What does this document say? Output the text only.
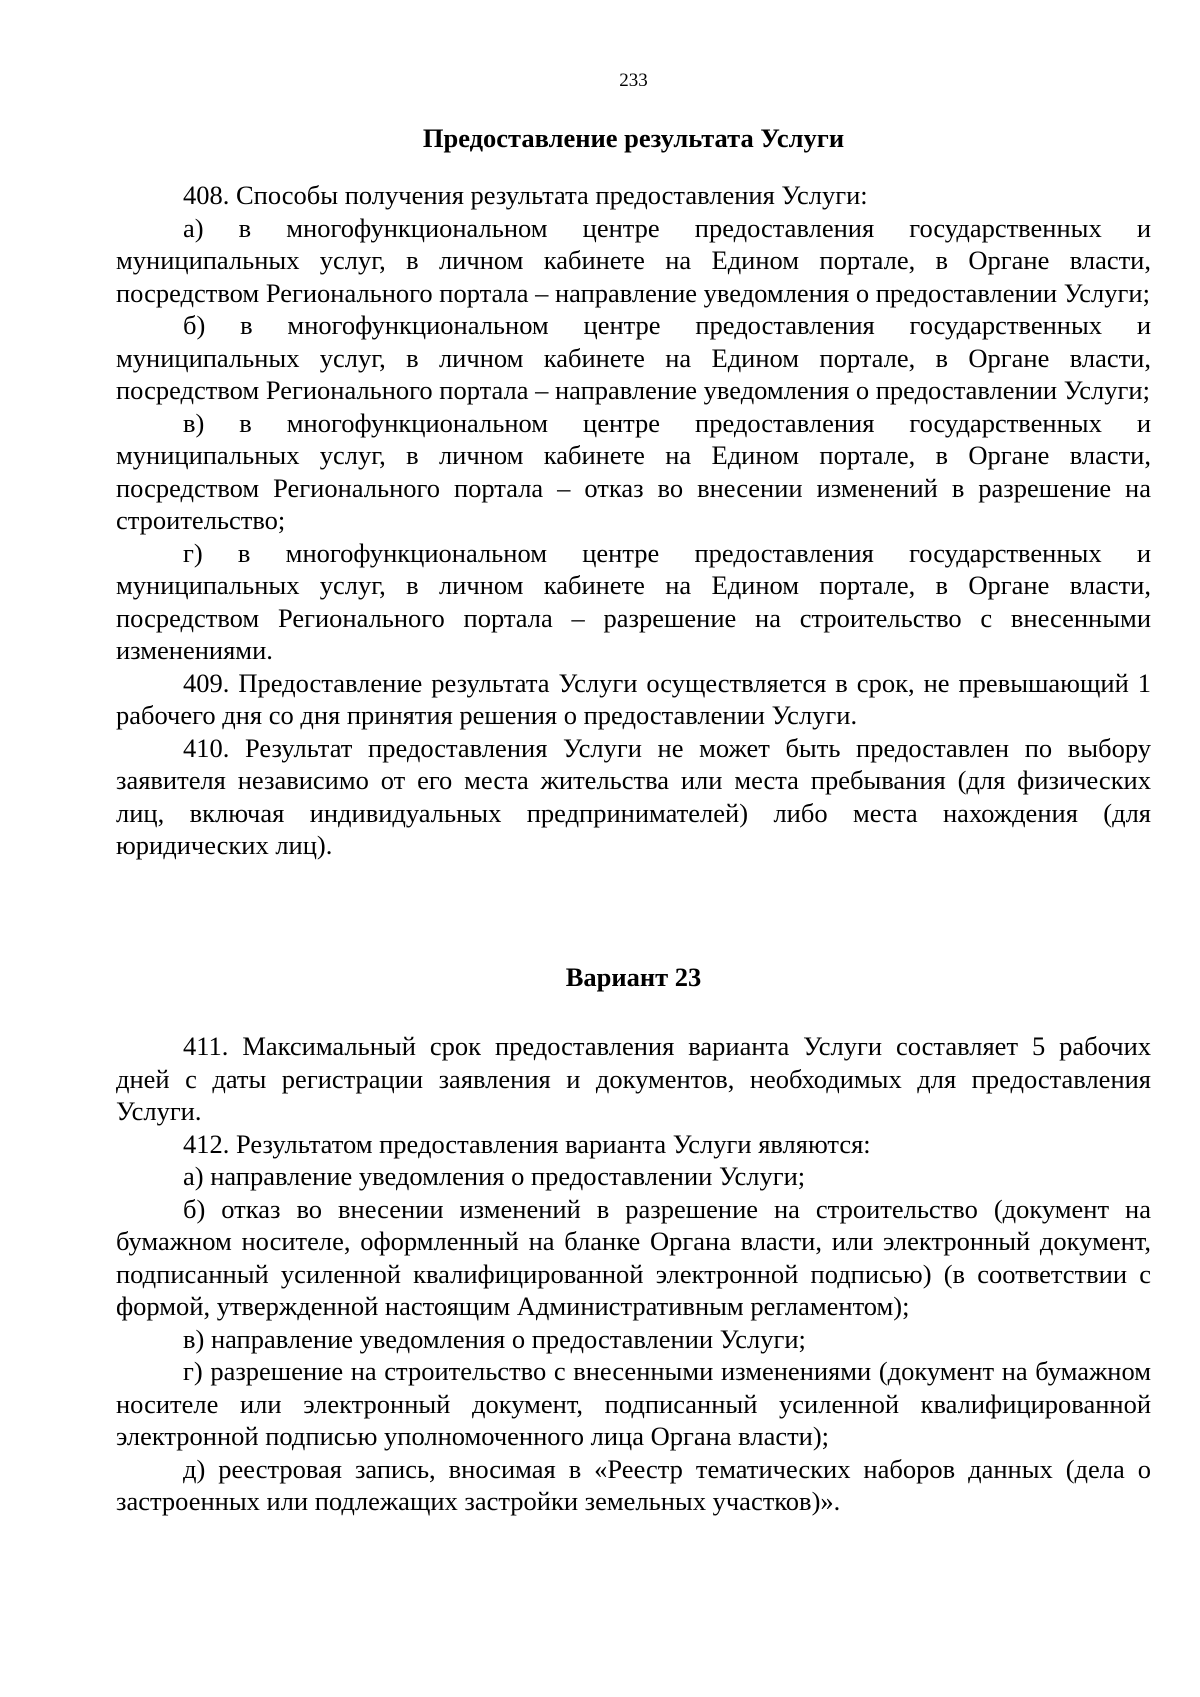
233
Предоставление результата Услуги

408. Способы получения результата предоставления Услуги:

а) в многофункциональном центре предоставления государственных и муниципальных услуг, в личном кабинете на Едином портале, в Органе власти, посредством Регионального портала – направление уведомления о предоставлении Услуги;

б) в многофункциональном центре предоставления государственных и муниципальных услуг, в личном кабинете на Едином портале, в Органе власти, посредством Регионального портала – направление уведомления о предоставлении Услуги;

в) в многофункциональном центре предоставления государственных и муниципальных услуг, в личном кабинете на Едином портале, в Органе власти, посредством Регионального портала – отказ во внесении изменений в разрешение на строительство;

г) в многофункциональном центре предоставления государственных и муниципальных услуг, в личном кабинете на Едином портале, в Органе власти, посредством Регионального портала – разрешение на строительство с внесенными изменениями.

409. Предоставление результата Услуги осуществляется в срок, не превышающий 1 рабочего дня со дня принятия решения о предоставлении Услуги.

410. Результат предоставления Услуги не может быть предоставлен по выбору заявителя независимо от его места жительства или места пребывания (для физических лиц, включая индивидуальных предпринимателей) либо места нахождения (для юридических лиц).

Вариант 23

411. Максимальный срок предоставления варианта Услуги составляет 5 рабочих дней с даты регистрации заявления и документов, необходимых для предоставления Услуги.

412. Результатом предоставления варианта Услуги являются:

а) направление уведомления о предоставлении Услуги;

б) отказ во внесении изменений в разрешение на строительство (документ на бумажном носителе, оформленный на бланке Органа власти, или электронный документ, подписанный усиленной квалифицированной электронной подписью) (в соответствии с формой, утвержденной настоящим Административным регламентом);

в) направление уведомления о предоставлении Услуги;

г) разрешение на строительство с внесенными изменениями (документ на бумажном носителе или электронный документ, подписанный усиленной квалифицированной электронной подписью уполномоченного лица Органа власти);

д) реестровая запись, вносимая в «Реестр тематических наборов данных (дела о застроенных или подлежащих застройки земельных участков)».
